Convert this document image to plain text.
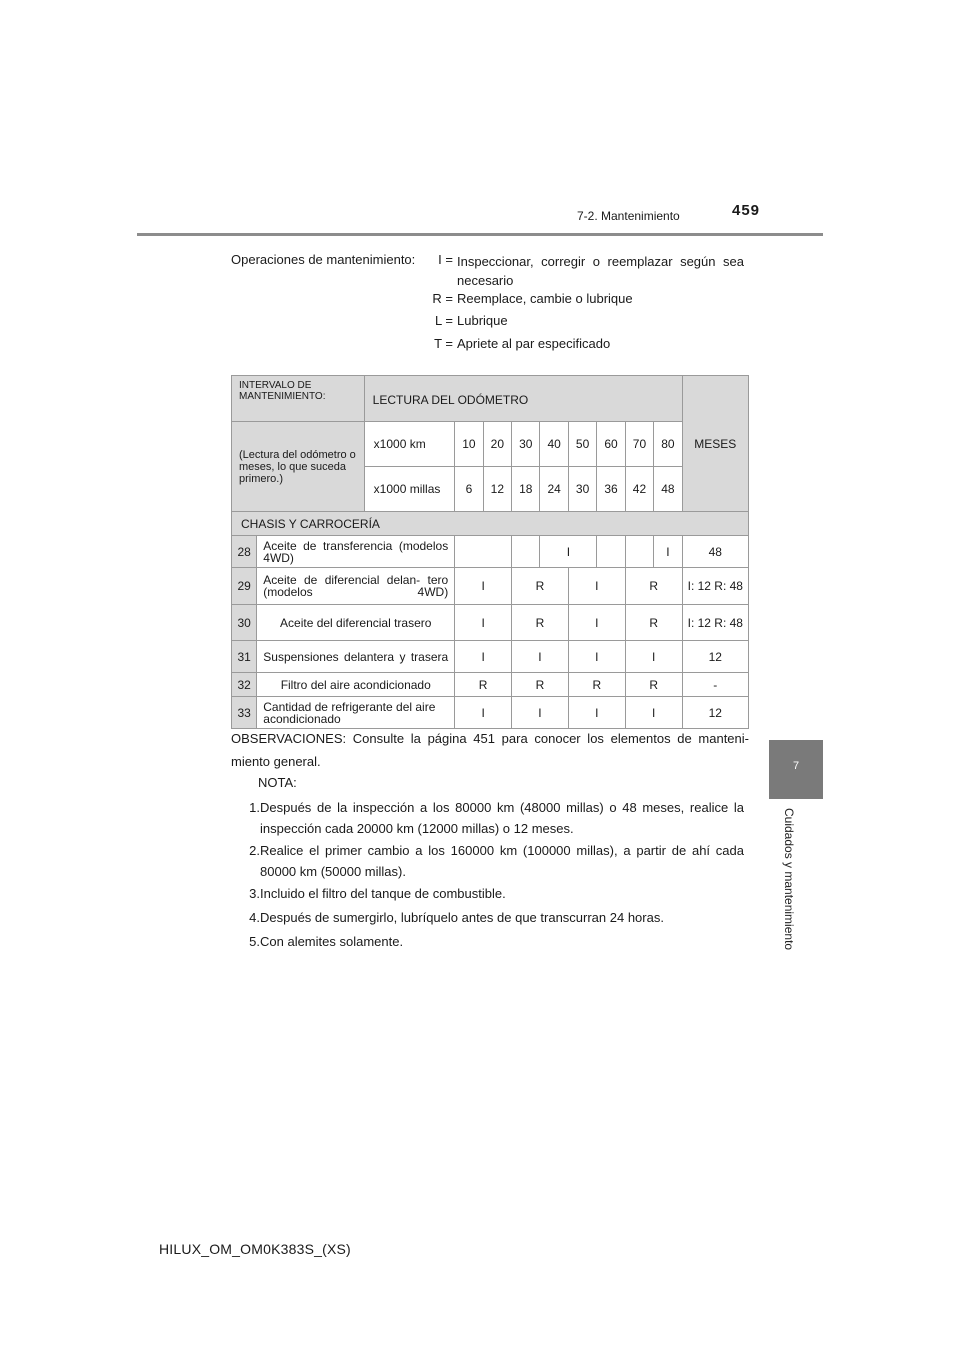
7-2. Mantenimiento	459
7
Cuidados y mantenimiento
Operaciones de mantenimiento:	I = Inspeccionar, corregir o reemplazar según sea necesario
R = Reemplace, cambie o lubrique
L = Lubrique
T = Apriete al par especificado
INTERVALO DE MANTENIMIENTO:		LECTURA DEL ODÓMETRO									MESES
(Lectura del odómetro o meses, lo que suceda primero.)		x1000 km	10	20	30	40	50	60	70	80	
		x1000 millas	6	12	18	24	30	36	42	48	
CHASIS Y CARROCERÍA											
28	Aceite de transferencia (modelos 4WD)					I				I	48
29	Aceite de diferencial delan- tero (modelos 4WD)		I		R		I		R		I: 12 R: 48
30	Aceite del diferencial trasero		I		R		I		R		I: 12 R: 48
31	Suspensiones delantera y trasera		I		I		I		I		12
32	Filtro del aire acondicionado		R		R		R		R		-
33	Cantidad de refrigerante del aire acondicionado		I		I		I		I		12
OBSERVACIONES: Consulte la página 451 para conocer los elementos de manteni- miento general.
NOTA:
1. Después de la inspección a los 80000 km (48000 millas) o 48 meses, realice la inspección cada 20000 km (12000 millas) o 12 meses.
2. Realice el primer cambio a los 160000 km (100000 millas), a partir de ahí cada 80000 km (50000 millas).
3. Incluido el filtro del tanque de combustible.
4. Después de sumergirlo, lubríquelo antes de que transcurran 24 horas.
5. Con alemites solamente.
HILUX_OM_OM0K383S_(XS)
